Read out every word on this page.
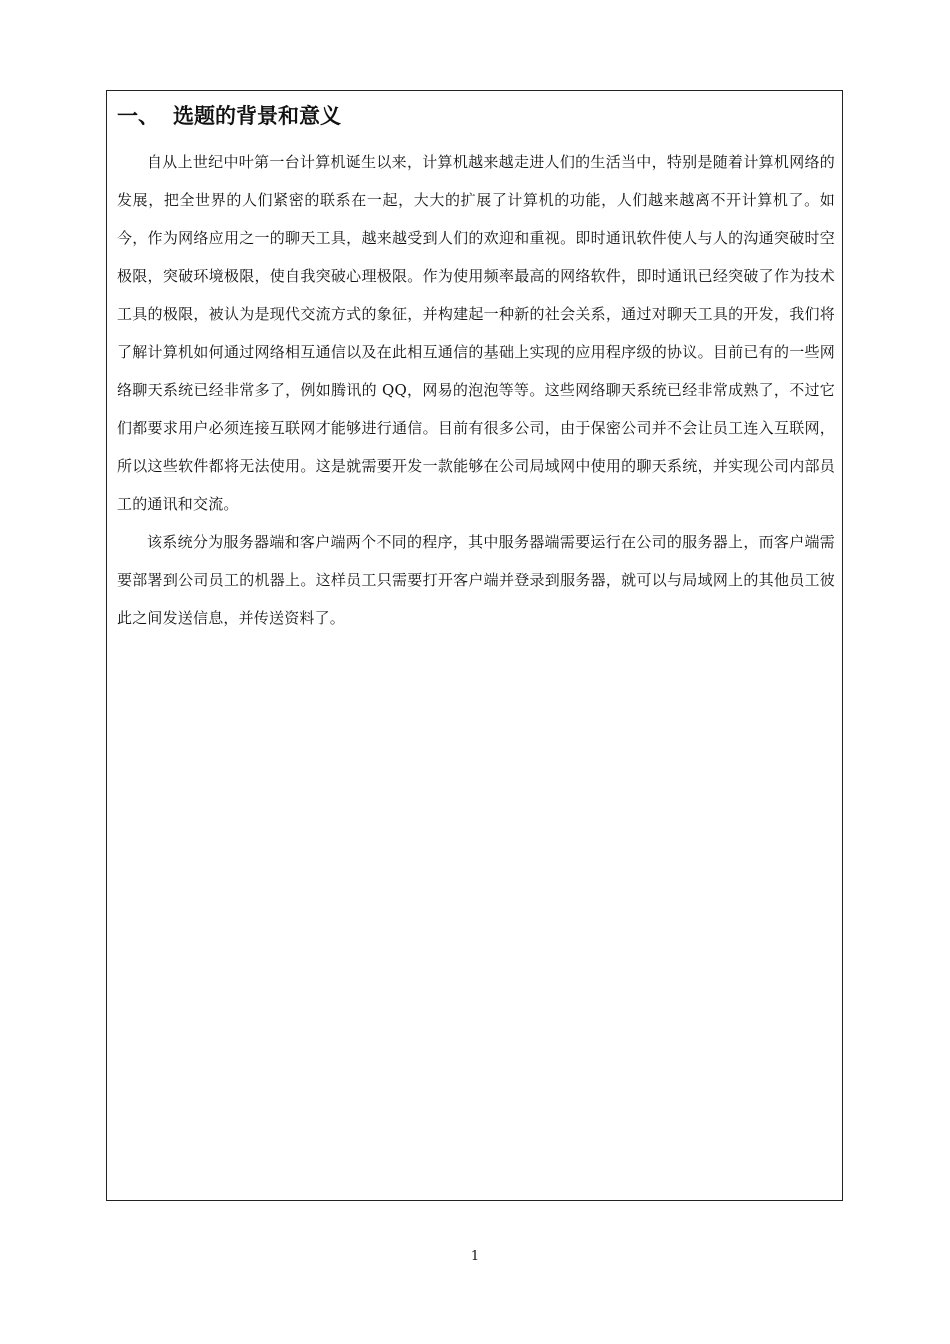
一、 选题的背景和意义

自从上世纪中叶第一台计算机诞生以来，计算机越来越走进人们的生活当中，特别是随着计算机网络的发展，把全世界的人们紧密的联系在一起，大大的扩展了计算机的功能，人们越来越离不开计算机了。如今，作为网络应用之一的聊天工具，越来越受到人们的欢迎和重视。即时通讯软件使人与人的沟通突破时空极限，突破环境极限，使自我突破心理极限。作为使用频率最高的网络软件，即时通讯已经突破了作为技术工具的极限，被认为是现代交流方式的象征，并构建起一种新的社会关系，通过对聊天工具的开发，我们将了解计算机如何通过网络相互通信以及在此相互通信的基础上实现的应用程序级的协议。目前已有的一些网络聊天系统已经非常多了，例如腾讯的 QQ，网易的泡泡等等。这些网络聊天系统已经非常成熟了，不过它们都要求用户必须连接互联网才能够进行通信。目前有很多公司，由于保密公司并不会让员工连入互联网，所以这些软件都将无法使用。这是就需要开发一款能够在公司局域网中使用的聊天系统，并实现公司内部员工的通讯和交流。

该系统分为服务器端和客户端两个不同的程序，其中服务器端需要运行在公司的服务器上，而客户端需要部署到公司员工的机器上。这样员工只需要打开客户端并登录到服务器，就可以与局域网上的其他员工彼此之间发送信息，并传送资料了。

1
